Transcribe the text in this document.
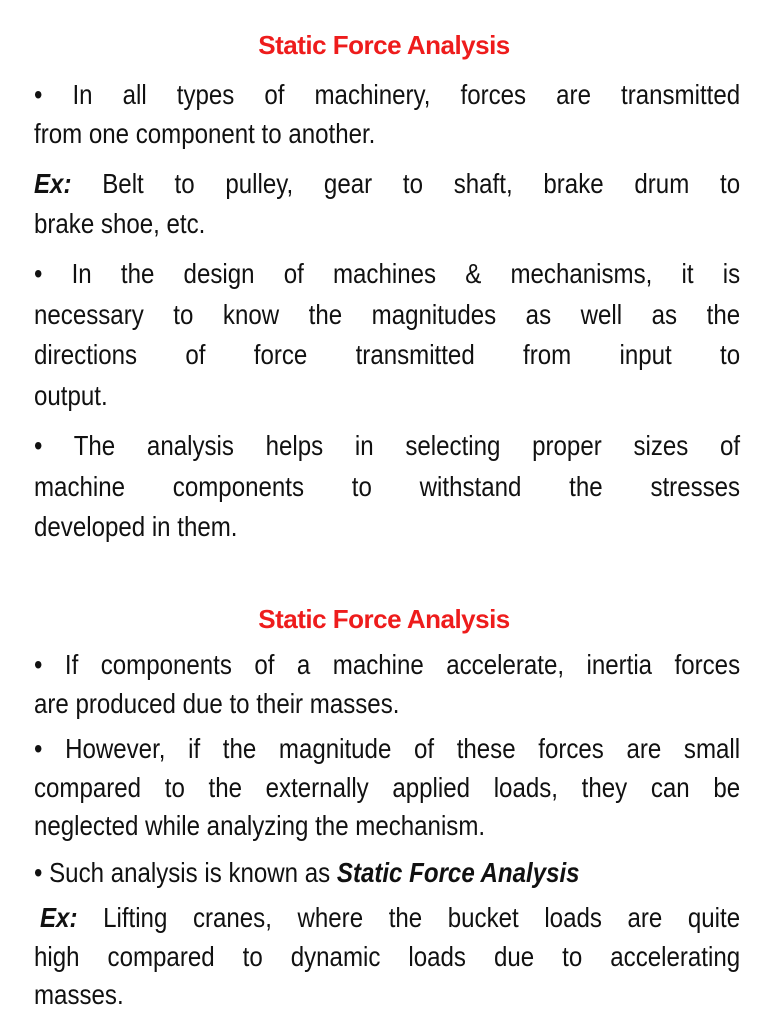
Static Force Analysis
• In all types of machinery, forces are transmitted
from one component to another.
Ex: Belt to pulley, gear to shaft, brake drum to
brake shoe, etc.
• In the design of machines & mechanisms, it is
necessary to know the magnitudes as well as the
directions of force transmitted from input to
output.
• The analysis helps in selecting proper sizes of
machine components to withstand the stresses
developed in them.
Static Force Analysis
• If components of a machine accelerate, inertia forces
are produced due to their masses.
• However, if the magnitude of these forces are small
compared to the externally applied loads, they can be
neglected while analyzing the mechanism.
• Such analysis is known as Static Force Analysis
Ex: Lifting cranes, where the bucket loads are quite
high compared to dynamic loads due to accelerating
masses.
